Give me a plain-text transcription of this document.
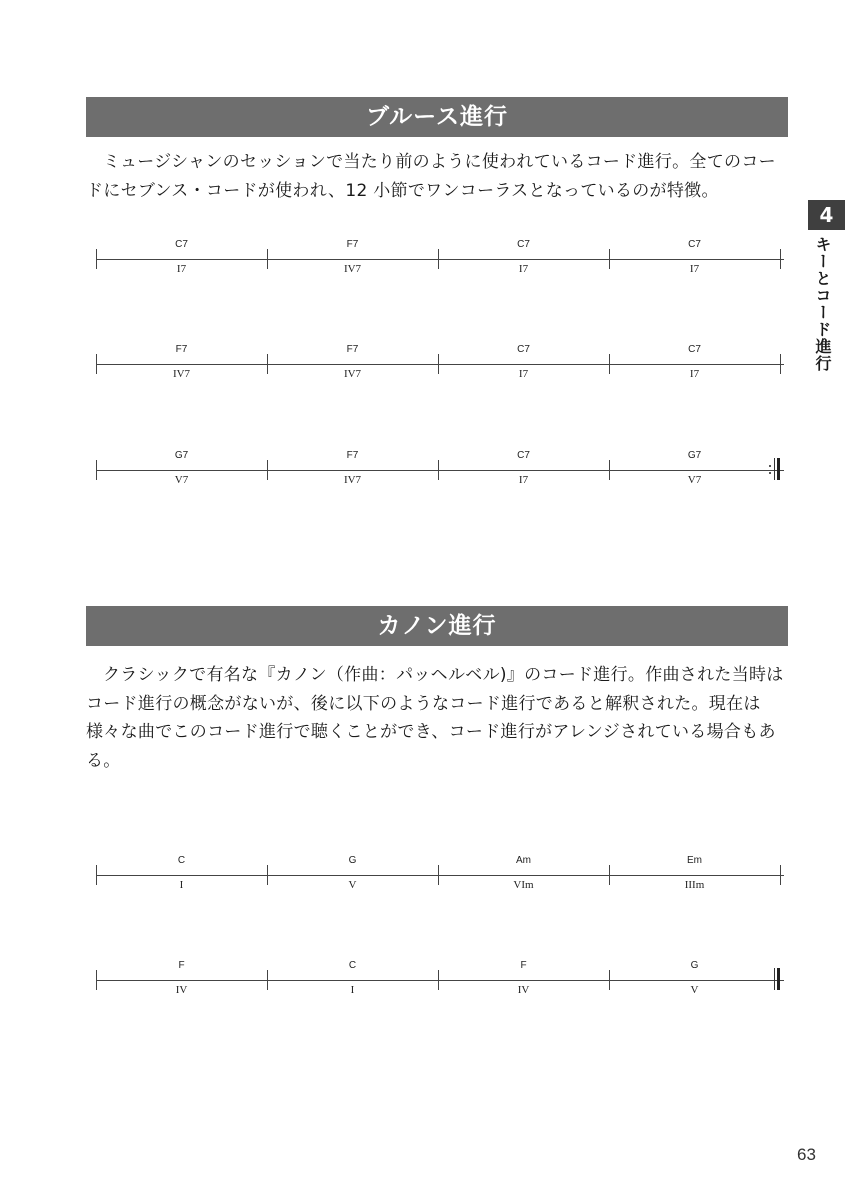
ブルース進行

ミュージシャンのセッションで当たり前のように使われているコード進行。全てのコードにセブンス・コードが使われ、12 小節でワンコーラスとなっているのが特徴。

C7
I7
F7
IV7
C7
I7
C7
I7
F7
IV7
F7
IV7
C7
I7
C7
I7
G7
V7
F7
IV7
C7
I7
G7
V7
カノン進行

クラシックで有名な『カノン（作曲：パッヘルベル)』のコード進行。作曲された当時はコード進行の概念がないが、後に以下のようなコード進行であると解釈された。現在は様々な曲でこのコード進行で聴くことができ、コード進行がアレンジされている場合もある。

C
I
G
V
Am
VIm
Em
IIIm
F
IV
C
I
F
IV
G
V
4
キーとコード進行
63
